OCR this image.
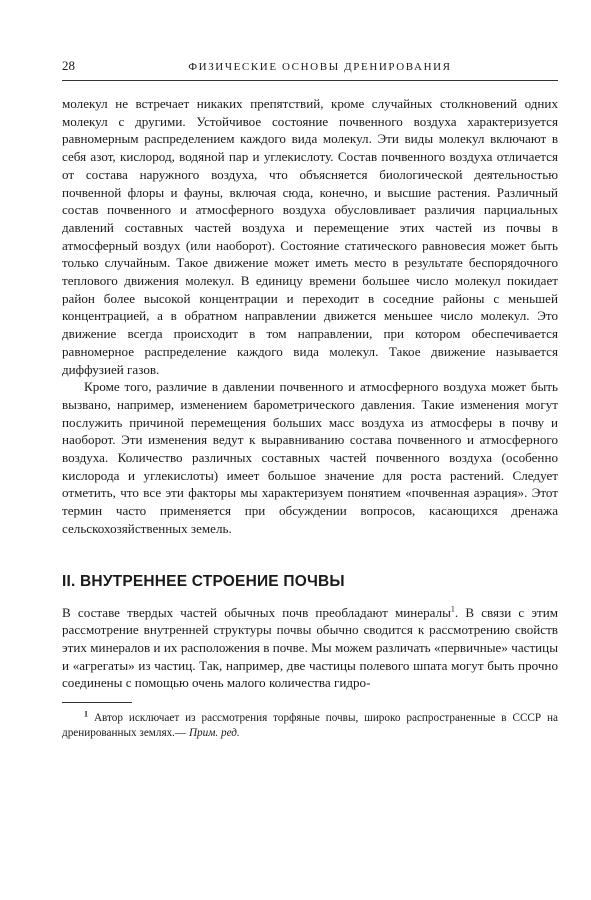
28	ФИЗИЧЕСКИЕ ОСНОВЫ ДРЕНИРОВАНИЯ

молекул не встречает никаких препятствий, кроме случайных столкновений одних молекул с другими. Устойчивое состояние почвенного воздуха характеризуется равномерным распределением каждого вида молекул. Эти виды молекул включают в себя азот, кислород, водяной пар и углекислоту. Состав почвенного воздуха отличается от состава наружного воздуха, что объясняется биологической деятельностью почвенной флоры и фауны, включая сюда, конечно, и высшие растения. Различный состав почвенного и атмосферного воздуха обусловливает различия парциальных давлений составных частей воздуха и перемещение этих частей из почвы в атмосферный воздух (или наоборот). Состояние статического равновесия может быть только случайным. Такое движение может иметь место в результате беспорядочного теплового движения молекул. В единицу времени большее число молекул покидает район более высокой концентрации и переходит в соседние районы с меньшей концентрацией, а в обратном направлении движется меньшее число молекул. Это движение всегда происходит в том направлении, при котором обеспечивается равномерное распределение каждого вида молекул. Такое движение называется диффузией газов.

Кроме того, различие в давлении почвенного и атмосферного воздуха может быть вызвано, например, изменением барометрического давления. Такие изменения могут послужить причиной перемещения больших масс воздуха из атмосферы в почву и наоборот. Эти изменения ведут к выравниванию состава почвенного и атмосферного воздуха. Количество различных составных частей почвенного воздуха (особенно кислорода и углекислоты) имеет большое значение для роста растений. Следует отметить, что все эти факторы мы характеризуем понятием «почвенная аэрация». Этот термин часто применяется при обсуждении вопросов, касающихся дренажа сельскохозяйственных земель.

II. ВНУТРЕННЕЕ СТРОЕНИЕ ПОЧВЫ

В составе твердых частей обычных почв преобладают минералы$^1$. В связи с этим рассмотрение внутренней структуры почвы обычно сводится к рассмотрению свойств этих минералов и их расположения в почве. Мы можем различать «первичные» частицы и «агрегаты» из частиц. Так, например, две частицы полевого шпата могут быть прочно соединены с помощью очень малого количества гидро-

$^1$ Автор исключает из рассмотрения торфяные почвы, широко распространенные в СССР на дренированных землях.— Прим. ред.
